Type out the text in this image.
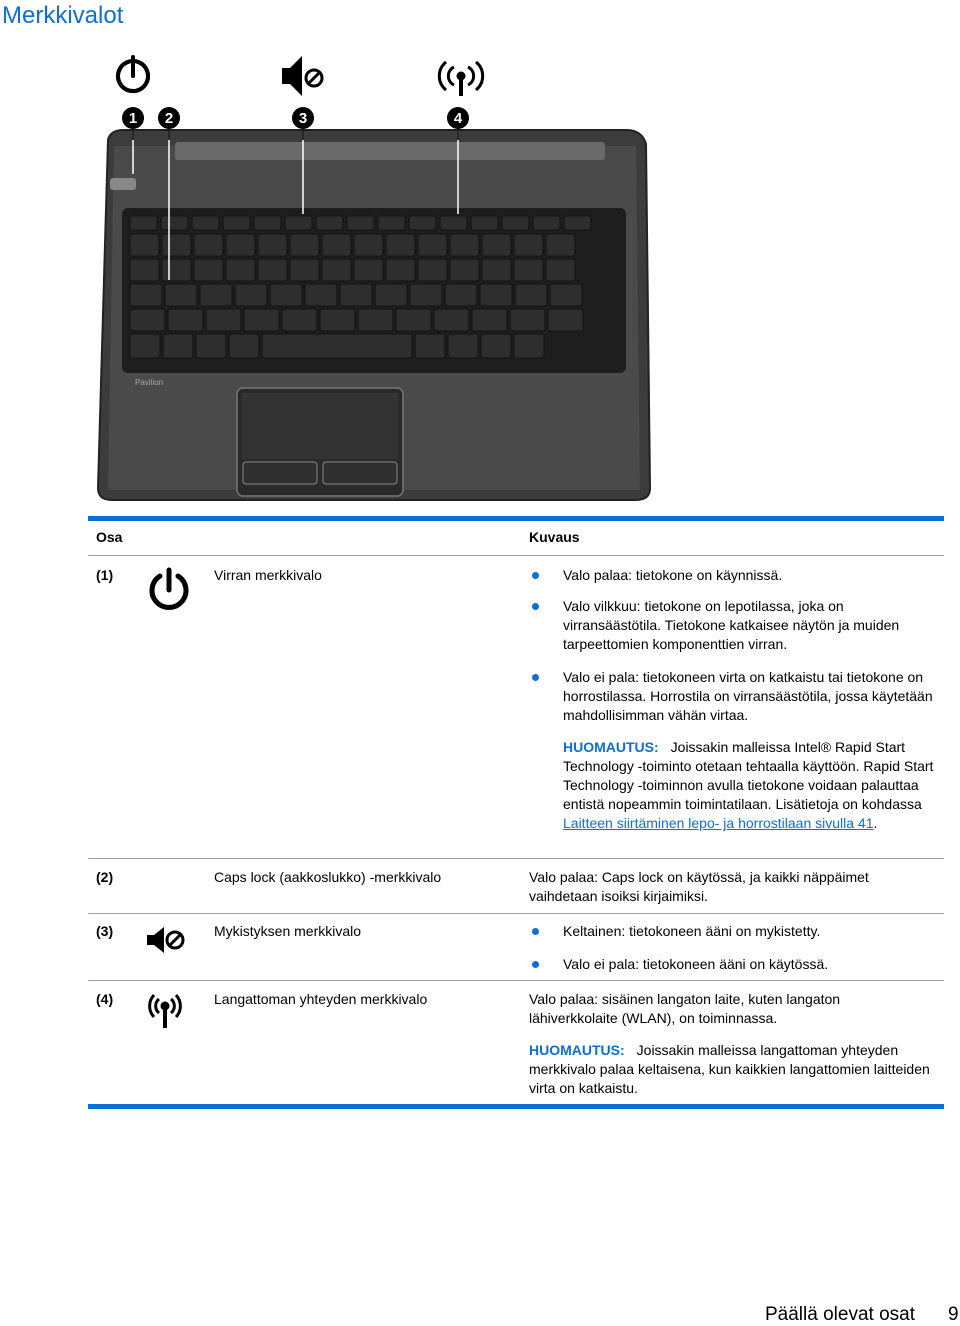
Merkkivalot
1 2	3	4
Pavilion
Osa	Kuvaus
(1)	Virran merkkivalo	Valo palaa: tietokone on käynnissä.
Valo vilkkuu: tietokone on lepotilassa, joka on virransäästötila. Tietokone katkaisee näytön ja muiden tarpeettomien komponenttien virran.
Valo ei pala: tietokoneen virta on katkaistu tai tietokone on horrostilassa. Horrostila on virransäästötila, jossa käytetään mahdollisimman vähän virtaa.
HUOMAUTUS: Joissakin malleissa Intel® Rapid Start Technology -toiminto otetaan tehtaalla käyttöön. Rapid Start Technology -toiminnon avulla tietokone voidaan palauttaa entistä nopeammin toimintatilaan. Lisätietoja on kohdassa Laitteen siirtäminen lepo- ja horrostilaan sivulla 41.
(2)	Caps lock (aakkoslukko) -merkkivalo	Valo palaa: Caps lock on käytössä, ja kaikki näppäimet vaihdetaan isoiksi kirjaimiksi.
(3)	Mykistyksen merkkivalo	Keltainen: tietokoneen ääni on mykistetty.
Valo ei pala: tietokoneen ääni on käytössä.
(4)	Langattoman yhteyden merkkivalo	Valo palaa: sisäinen langaton laite, kuten langaton lähiverkkolaite (WLAN), on toiminnassa.
HUOMAUTUS: Joissakin malleissa langattoman yhteyden merkkivalo palaa keltaisena, kun kaikkien langattomien laitteiden virta on katkaistu.
Päällä olevat osat 9
